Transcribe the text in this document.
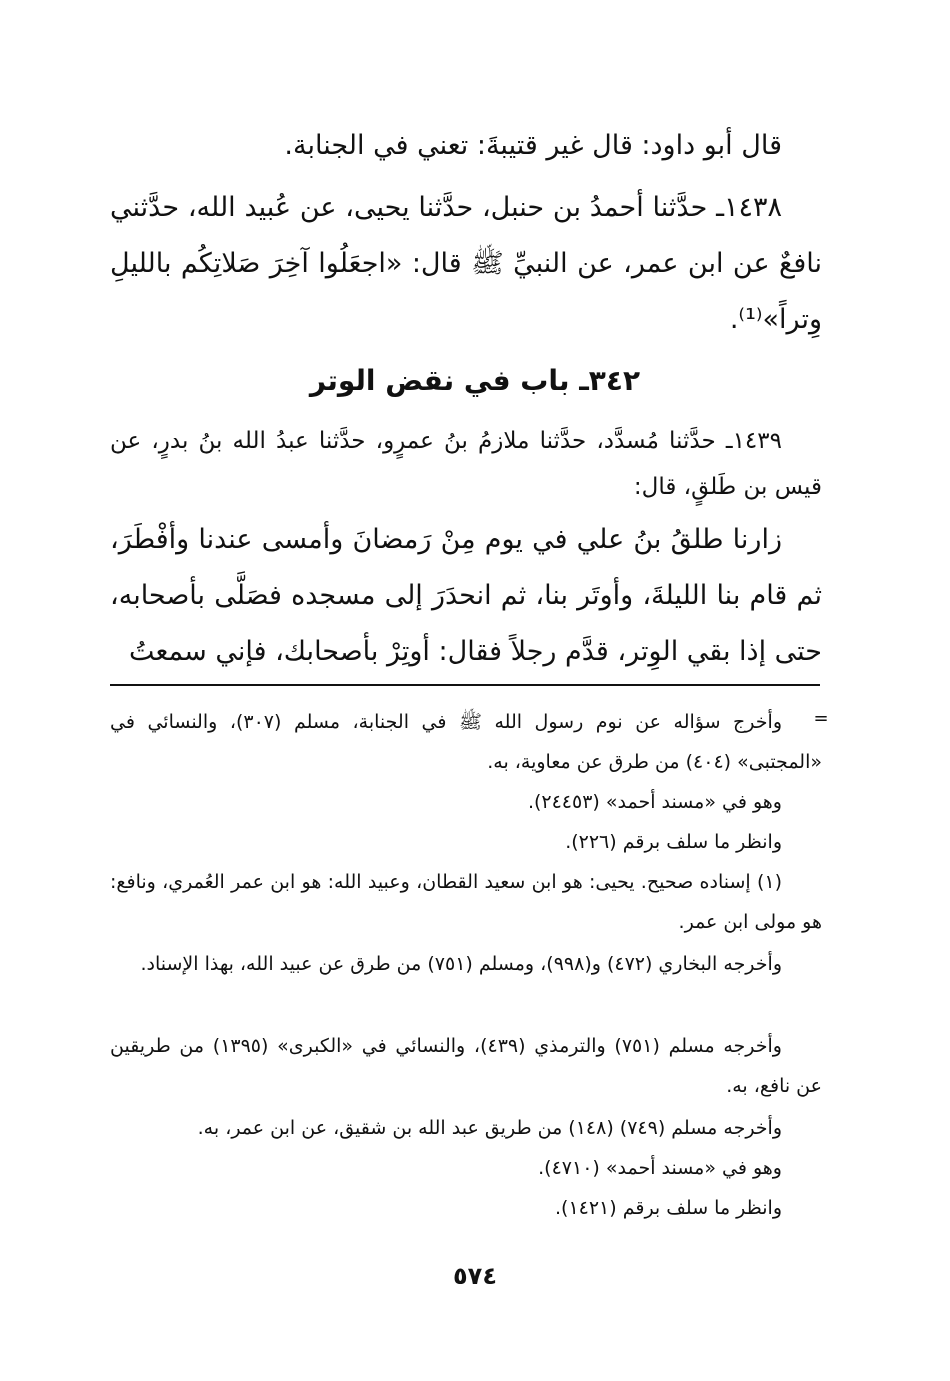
قال أبو داود: قال غير قتيبةَ: تعني في الجنابة.

١٤٣٨ـ حدَّثنا أحمدُ بن حنبل، حدَّثنا يحيى، عن عُبيد الله، حدَّثني نافعٌ عن ابن عمر، عن النبيِّ ﷺ قال: «اجعَلُوا آخِرَ صَلاتِكُم بالليلِ وِتراً»⁽¹⁾.

٣٤٢ـ باب في نقض الوتر

١٤٣٩ـ حدَّثنا مُسدَّد، حدَّثنا ملازمُ بنُ عمرٍو، حدَّثنا عبدُ الله بنُ بدرٍ، عن قيس بن طَلقٍ، قال:

زارنا طلقُ بنُ علي في يوم مِنْ رَمضانَ وأمسى عندنا وأفْطَرَ، ثم قام بنا الليلةَ، وأوتَر بنا، ثم انحدَرَ إلى مسجده فصَلَّى بأصحابه، حتى إذا بقي الوِتر، قدَّم رجلاً فقال: أوتِرْ بأصحابك، فإني سمعتُ

=

وأخرج سؤاله عن نوم رسول الله ﷺ في الجنابة، مسلم (٣٠٧)، والنسائي في «المجتبى» (٤٠٤) من طرق عن معاوية، به.

وهو في «مسند أحمد» (٢٤٤٥٣).

وانظر ما سلف برقم (٢٢٦).

(١) إسناده صحيح. يحيى: هو ابن سعيد القطان، وعبيد الله: هو ابن عمر العُمري، ونافع: هو مولى ابن عمر.

وأخرجه البخاري (٤٧٢) و(٩٩٨)، ومسلم (٧٥١) من طرق عن عبيد الله، بهذا الإسناد.

وأخرجه مسلم (٧٥١) والترمذي (٤٣٩)، والنسائي في «الكبرى» (١٣٩٥) من طريقين عن نافع، به.

وأخرجه مسلم (٧٤٩) (١٤٨) من طريق عبد الله بن شقيق، عن ابن عمر، به.

وهو في «مسند أحمد» (٤٧١٠).

وانظر ما سلف برقم (١٤٢١).

٥٧٤
